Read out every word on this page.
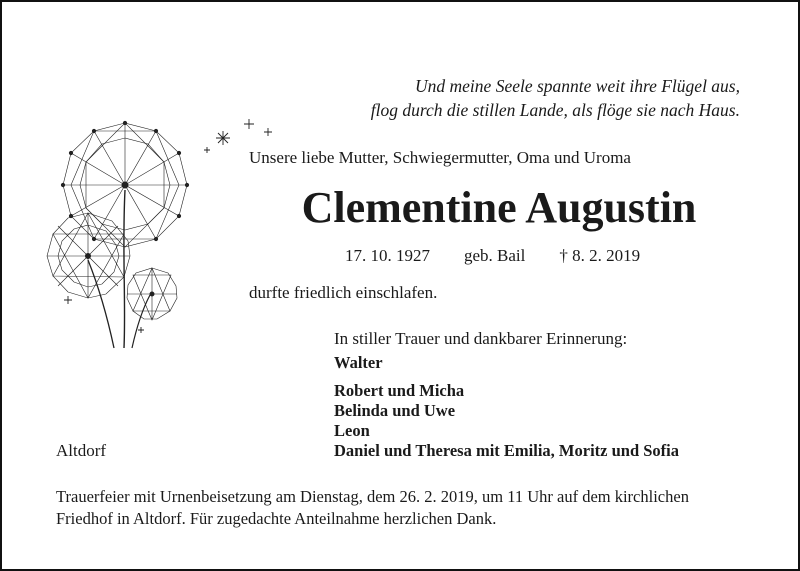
Und meine Seele spannte weit ihre Flügel aus,
flog durch die stillen Lande, als flöge sie nach Haus.
Unsere liebe Mutter, Schwiegermutter, Oma und Uroma
Clementine Augustin
17. 10. 1927 geb. Bail † 8. 2. 2019
durfte friedlich einschlafen.
In stiller Trauer und dankbarer Erinnerung:
Walter
Robert und Micha
Belinda und Uwe
Leon
Daniel und Theresa mit Emilia, Moritz und Sofia
Altdorf
Trauerfeier mit Urnenbeisetzung am Dienstag, dem 26. 2. 2019, um 11 Uhr auf dem kirchlichen
Friedhof in Altdorf. Für zugedachte Anteilnahme herzlichen Dank.
